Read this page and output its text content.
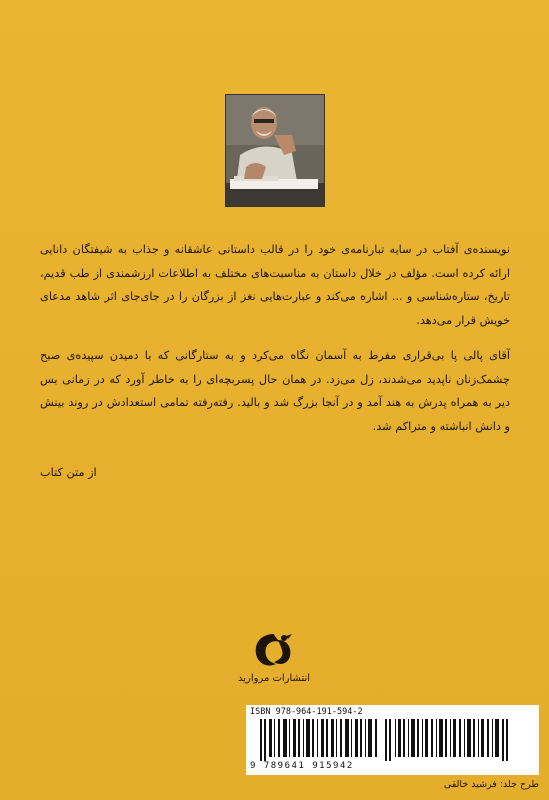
نویسنده‌ی آفتاب در سایه تبارنامه‌ی خود را در قالب داستانی عاشقانه و جذاب به شیفتگان دانایی ارائه کرده است. مؤلف در خلال داستان به مناسبت‌های مختلف به اطلاعات ارزشمندی از طب قدیم، تاریخ، ستاره‌شناسی و ... اشاره می‌کند و عبارت‌هایی نغز از بزرگان را در جای‌جای اثر شاهد مدعای خویش قرار می‌دهد.
آقای پالی پا بی‌قراری مفرط به آسمان نگاه می‌کرد و به ستارگانی که با دمیدن سپیده‌ی صبح چشمک‌زنان ناپدید می‌شدند، زل می‌زد. در همان حال پسربچه‌ای را به خاطر آورد که در زمانی بس دیر به همراه پدرش به هند آمد و در آنجا بزرگ شد و بالید. رفته‌رفته تمامی استعدادش در روند بینش و دانش انباشته و متراکم شد.
از متن کتاب
انتشارات مروارید
ISBN 978-964-191-594-2
9 789641 915942
طرح جلد: فرشید خالقی
